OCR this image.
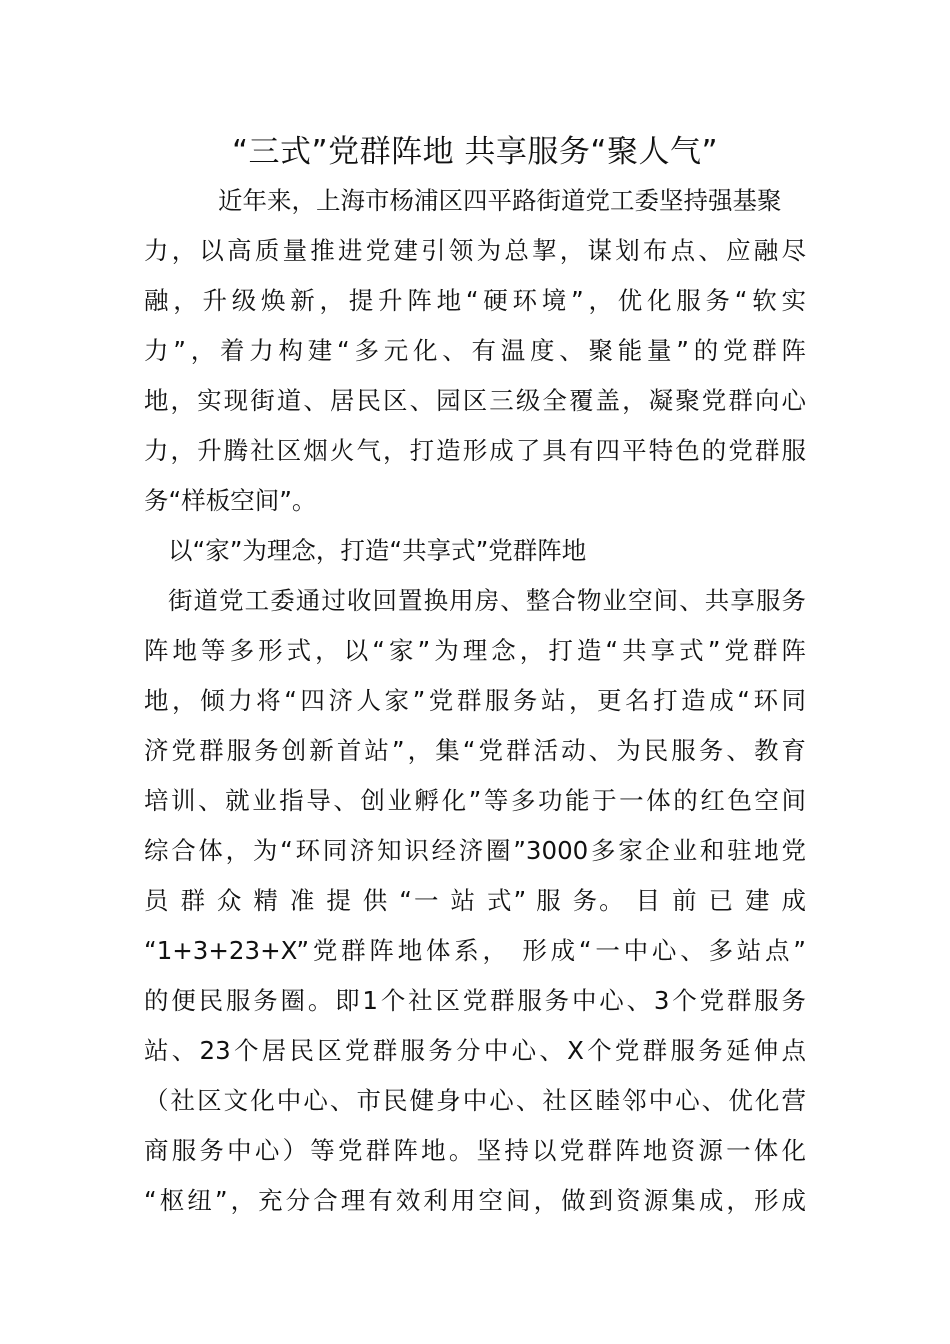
“三式”党群阵地 共享服务“聚人气”
近年来，上海市杨浦区四平路街道党工委坚持强基聚
力，以高质量推进党建引领为总挈，谋划布点、应融尽
融，升级焕新，提升阵地“硬环境”，优化服务“软实
力”，着力构建“多元化、有温度、聚能量”的党群阵
地，实现街道、居民区、园区三级全覆盖，凝聚党群向心
力，升腾社区烟火气，打造形成了具有四平特色的党群服
务“样板空间”。
以“家”为理念，打造“共享式”党群阵地
街道党工委通过收回置换用房、整合物业空间、共享服务
阵地等多形式，以“家”为理念，打造“共享式”党群阵
地，倾力将“四济人家”党群服务站，更名打造成“环同
济党群服务创新首站”，集“党群活动、为民服务、教育
培训、就业指导、创业孵化”等多功能于一体的红色空间
综合体，为“环同济知识经济圈”3000多家企业和驻地党
员 群 众 精 准 提 供 “一 站 式” 服 务。 目 前 已 建 成
“1+3+23+X”党群阵地体系， 形成“一中心、多站点”
的便民服务圈。即1个社区党群服务中心、3个党群服务
站、23个居民区党群服务分中心、X个党群服务延伸点
（社区文化中心、市民健身中心、社区睦邻中心、优化营
商服务中心）等党群阵地。坚持以党群阵地资源一体化
“枢纽”，充分合理有效利用空间，做到资源集成，形成
